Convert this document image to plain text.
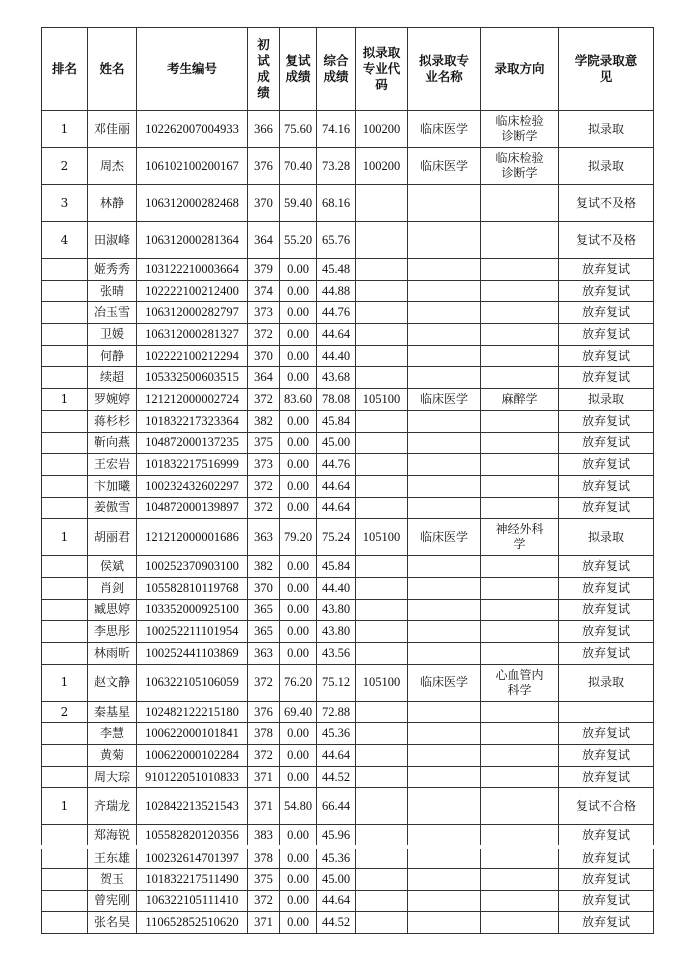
排名	姓名	考生编号	初试成绩	复试成绩	综合成绩	拟录取专业代码	拟录取专业名称	录取方向	学院录取意见
1	邓佳丽	102262007004933	366	75.60	74.16	100200	临床医学	临床检验诊断学	拟录取
2	周杰	106102100200167	376	70.40	73.28	100200	临床医学	临床检验诊断学	拟录取
3	林静	106312000282468	370	59.40	68.16				复试不及格
4	田淑峰	106312000281364	364	55.20	65.76				复试不及格
	姬秀秀	103122210003664	379	0.00	45.48				放弃复试
	张晴	102222100212400	374	0.00	44.88				放弃复试
	冶玉雪	106312000282797	373	0.00	44.76				放弃复试
	卫媛	106312000281327	372	0.00	44.64				放弃复试
	何静	102222100212294	370	0.00	44.40				放弃复试
	续超	105332500603515	364	0.00	43.68				放弃复试
1	罗婉婷	121212000002724	372	83.60	78.08	105100	临床医学	麻醉学	拟录取
	蒋杉杉	101832217323364	382	0.00	45.84				放弃复试
	靳向燕	104872000137235	375	0.00	45.00				放弃复试
	王宏岩	101832217516999	373	0.00	44.76				放弃复试
	卞加曦	100232432602297	372	0.00	44.64				放弃复试
	姜傲雪	104872000139897	372	0.00	44.64				放弃复试
1	胡丽君	121212000001686	363	79.20	75.24	105100	临床医学	神经外科学	拟录取
	侯斌	100252370903100	382	0.00	45.84				放弃复试
	肖剑	105582810119768	370	0.00	44.40				放弃复试
	臧思婷	103352000925100	365	0.00	43.80				放弃复试
	李思彤	100252211101954	365	0.00	43.80				放弃复试
	林雨昕	100252441103869	363	0.00	43.56				放弃复试
1	赵文静	106322105106059	372	76.20	75.12	105100	临床医学	心血管内科学	拟录取
2	秦基星	102482122215180	376	69.40	72.88				
	李慧	100622000101841	378	0.00	45.36				放弃复试
	黄菊	100622000102284	372	0.00	44.64				放弃复试
	周大琮	910122051010833	371	0.00	44.52				放弃复试
1	齐瑞龙	102842213521543	371	54.80	66.44				复试不合格
	郑海锐	105582820120356	383	0.00	45.96				放弃复试
	王东雄	100232614701397	378	0.00	45.36				放弃复试
	贺玉	101832217511490	375	0.00	45.00				放弃复试
	曾宪刚	106322105111410	372	0.00	44.64				放弃复试
	张名昊	110652852510620	371	0.00	44.52				放弃复试
